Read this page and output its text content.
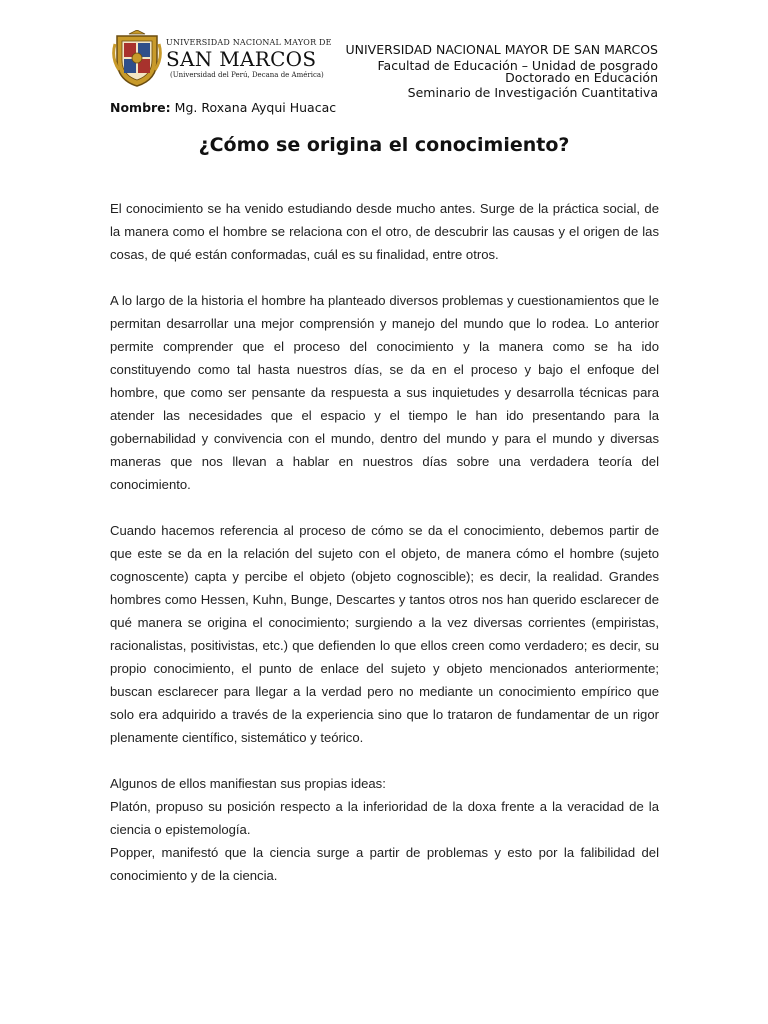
UNIVERSIDAD NACIONAL MAYOR DE
SAN MARCOS
(Universidad del Perú, Decana de América)
UNIVERSIDAD NACIONAL MAYOR DE SAN MARCOS
Facultad de Educación – Unidad de posgrado
Doctorado en Educación
Seminario de Investigación Cuantitativa
Nombre: Mg. Roxana Ayqui Huacac
¿Cómo se origina el conocimiento?

El conocimiento se ha venido estudiando desde mucho antes. Surge de la práctica social, de la manera como el hombre se relaciona con el otro, de descubrir las causas y el origen de las cosas, de qué están conformadas, cuál es su finalidad, entre otros.

A lo largo de la historia el hombre ha planteado diversos problemas y cuestionamientos que le permitan desarrollar una mejor comprensión y manejo del mundo que lo rodea. Lo anterior permite comprender que el proceso del conocimiento y la manera como se ha ido constituyendo como tal hasta nuestros días, se da en el proceso y bajo el enfoque del hombre, que como ser pensante da respuesta a sus inquietudes y desarrolla técnicas para atender las necesidades que el espacio y el tiempo le han ido presentando para la gobernabilidad y convivencia con el mundo, dentro del mundo y para el mundo y diversas maneras que nos llevan a hablar en nuestros días sobre una verdadera teoría del conocimiento.

Cuando hacemos referencia al proceso de cómo se da el conocimiento, debemos partir de que este se da en la relación del sujeto con el objeto, de manera cómo el hombre (sujeto cognoscente) capta y percibe el objeto (objeto cognoscible); es decir, la realidad. Grandes hombres como Hessen, Kuhn, Bunge, Descartes y tantos otros nos han querido esclarecer de qué manera se origina el conocimiento; surgiendo a la vez diversas corrientes (empiristas, racionalistas, positivistas, etc.) que defienden lo que ellos creen como verdadero; es decir, su propio conocimiento, el punto de enlace del sujeto y objeto mencionados anteriormente; buscan esclarecer para llegar a la verdad pero no mediante un conocimiento empírico que solo era adquirido a través de la experiencia sino que lo trataron de fundamentar de un rigor plenamente científico, sistemático y teórico.

Algunos de ellos manifiestan sus propias ideas:

Platón, propuso su posición respecto a la inferioridad de la doxa frente a la veracidad de la ciencia o epistemología.

Popper, manifestó que la ciencia surge a partir de problemas y esto por la falibilidad del conocimiento y de la ciencia.
